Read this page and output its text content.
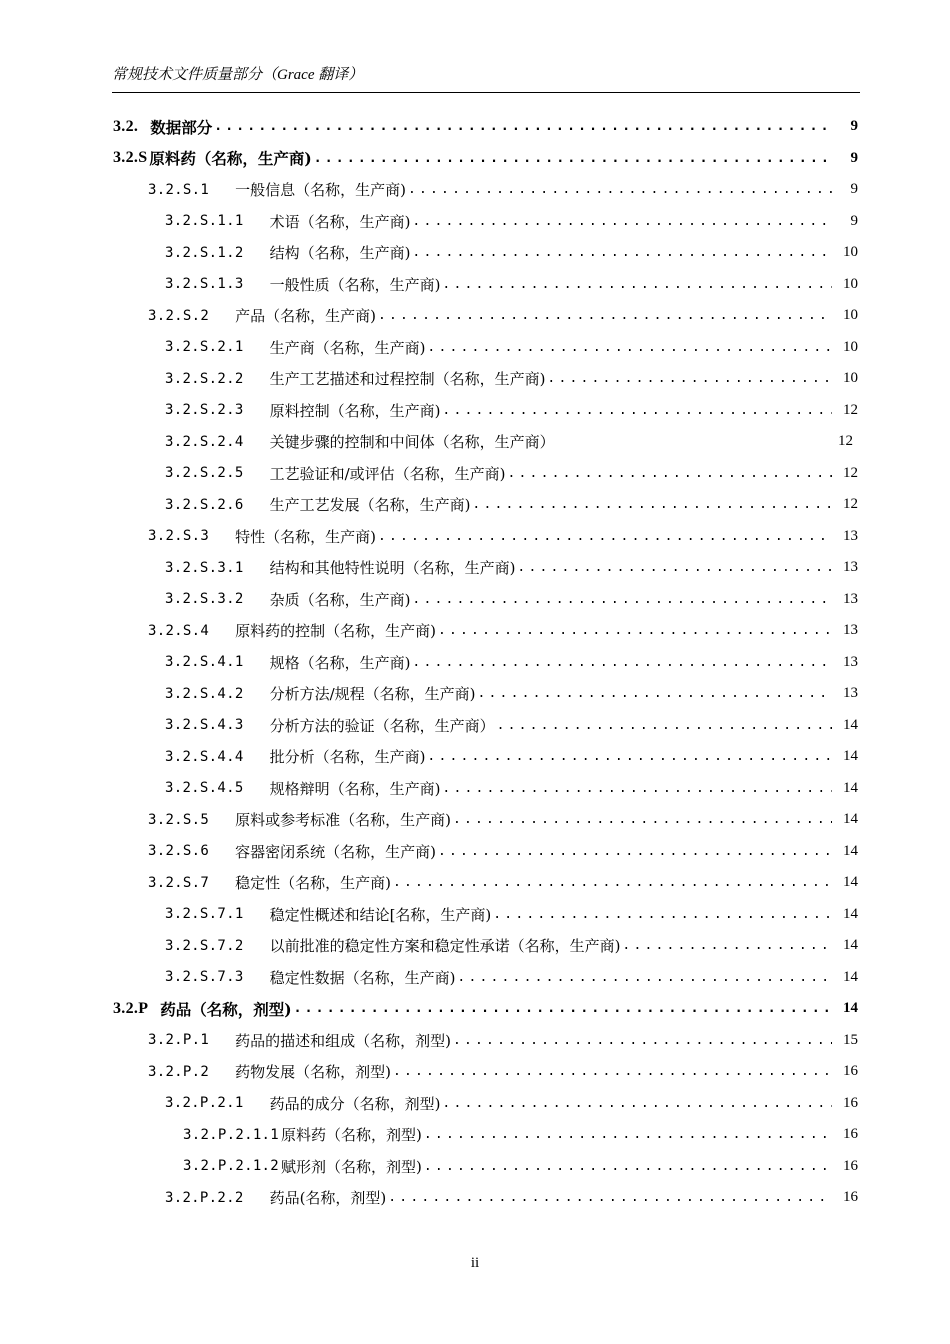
常规技术文件质量部分（Grace 翻译）
3.2. 数据部分 .....	9
3.2.S 原料药（名称，生产商) .....	9
3.2.S.1 一般信息（名称，生产商) .....	9
3.2.S.1.1 术语（名称，生产商) .....	9
3.2.S.1.2 结构（名称，生产商) .....	10
3.2.S.1.3 一般性质（名称，生产商) .....	10
3.2.S.2 产品（名称，生产商) .....	10
3.2.S.2.1 生产商（名称，生产商) .....	10
3.2.S.2.2 生产工艺描述和过程控制（名称，生产商) .....	10
3.2.S.2.3 原料控制（名称，生产商) .....	12
3.2.S.2.4 关键步骤的控制和中间体（名称，生产商）	12
3.2.S.2.5 工艺验证和/或评估（名称，生产商) .....	12
3.2.S.2.6 生产工艺发展（名称，生产商) .....	12
3.2.S.3 特性（名称，生产商) .....	13
3.2.S.3.1 结构和其他特性说明（名称，生产商) .....	13
3.2.S.3.2 杂质（名称，生产商) .....	13
3.2.S.4 原料药的控制（名称，生产商) .....	13
3.2.S.4.1 规格（名称，生产商) .....	13
3.2.S.4.2 分析方法/规程（名称，生产商) .....	13
3.2.S.4.3 分析方法的验证（名称，生产商） .....	14
3.2.S.4.4 批分析（名称，生产商) .....	14
3.2.S.4.5 规格辩明（名称，生产商) .....	14
3.2.S.5 原料或参考标准（名称，生产商) .....	14
3.2.S.6 容器密闭系统（名称，生产商) .....	14
3.2.S.7 稳定性（名称，生产商) .....	14
3.2.S.7.1 稳定性概述和结论[名称，生产商) .....	14
3.2.S.7.2 以前批准的稳定性方案和稳定性承诺（名称，生产商) .....	14
3.2.S.7.3 稳定性数据（名称，生产商) .....	14
3.2.P 药品（名称，剂型) .....	14
3.2.P.1 药品的描述和组成（名称，剂型) .....	15
3.2.P.2 药物发展（名称，剂型) .....	16
3.2.P.2.1 药品的成分（名称，剂型) .....	16
3.2.P.2.1.1 原料药（名称，剂型) .....	16
3.2.P.2.1.2 赋形剂（名称，剂型) .....	16
3.2.P.2.2 药品(名称，剂型) .....	16
ii
